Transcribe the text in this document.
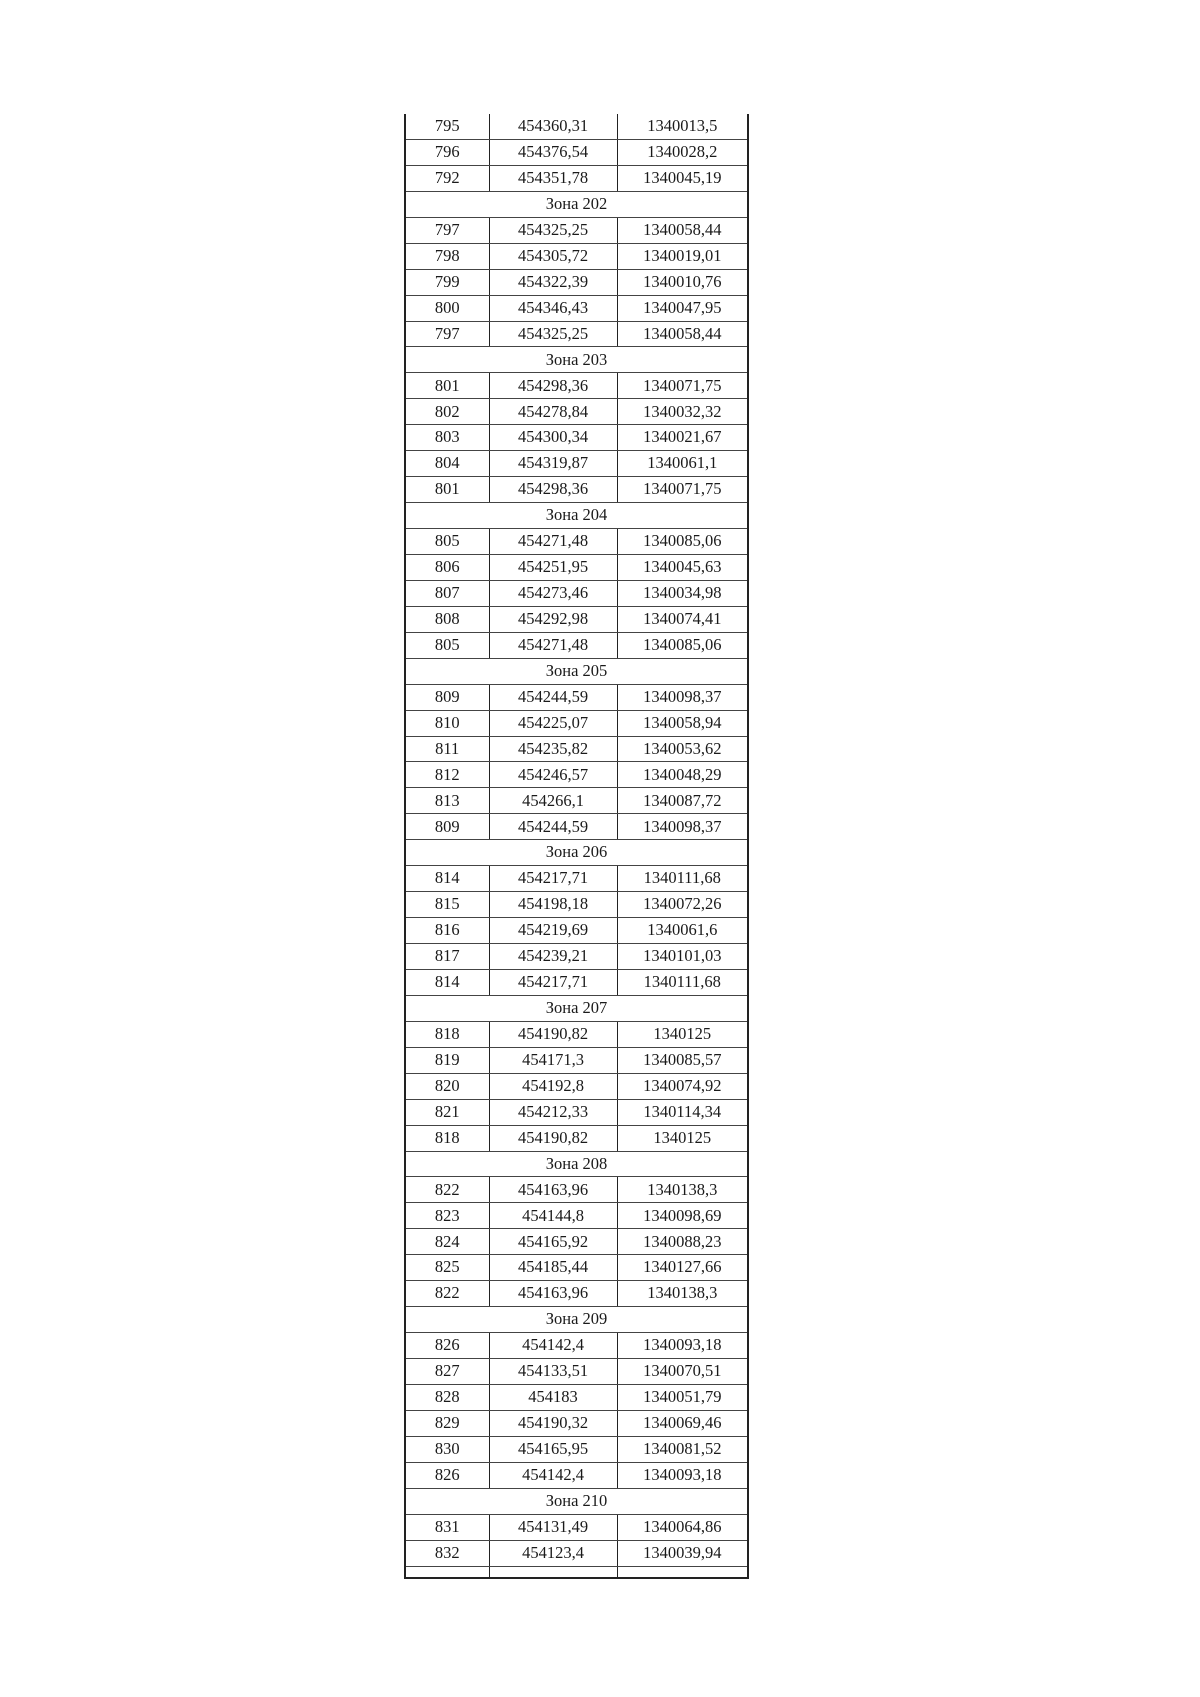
795	454360,31	1340013,5
796	454376,54	1340028,2
792	454351,78	1340045,19
Зона 202		
797	454325,25	1340058,44
798	454305,72	1340019,01
799	454322,39	1340010,76
800	454346,43	1340047,95
797	454325,25	1340058,44
Зона 203		
801	454298,36	1340071,75
802	454278,84	1340032,32
803	454300,34	1340021,67
804	454319,87	1340061,1
801	454298,36	1340071,75
Зона 204		
805	454271,48	1340085,06
806	454251,95	1340045,63
807	454273,46	1340034,98
808	454292,98	1340074,41
805	454271,48	1340085,06
Зона 205		
809	454244,59	1340098,37
810	454225,07	1340058,94
811	454235,82	1340053,62
812	454246,57	1340048,29
813	454266,1	1340087,72
809	454244,59	1340098,37
Зона 206		
814	454217,71	1340111,68
815	454198,18	1340072,26
816	454219,69	1340061,6
817	454239,21	1340101,03
814	454217,71	1340111,68
Зона 207		
818	454190,82	1340125
819	454171,3	1340085,57
820	454192,8	1340074,92
821	454212,33	1340114,34
818	454190,82	1340125
Зона 208		
822	454163,96	1340138,3
823	454144,8	1340098,69
824	454165,92	1340088,23
825	454185,44	1340127,66
822	454163,96	1340138,3
Зона 209		
826	454142,4	1340093,18
827	454133,51	1340070,51
828	454183	1340051,79
829	454190,32	1340069,46
830	454165,95	1340081,52
826	454142,4	1340093,18
Зона 210		
831	454131,49	1340064,86
832	454123,4	1340039,94
